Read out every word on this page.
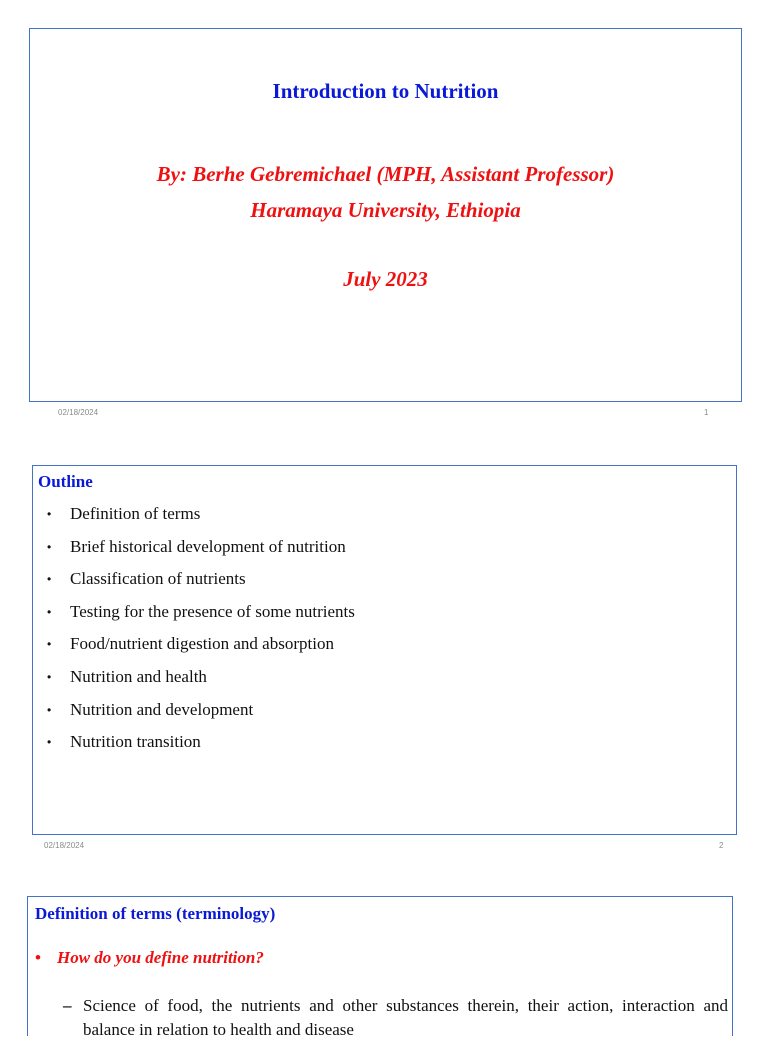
Introduction to Nutrition
By: Berhe Gebremichael (MPH, Assistant Professor)
Haramaya University, Ethiopia
July 2023
02/18/2024	1
Outline
•	Definition of terms
•	Brief historical development of nutrition
•	Classification of nutrients
•	Testing for the presence of some nutrients
•	Food/nutrient digestion and absorption
•	Nutrition and health
•	Nutrition and development
•	Nutrition transition
02/18/2024	2
Definition of terms (terminology)
• How do you define nutrition?
– Science of food, the nutrients and other substances therein, their action, interaction and balance in relation to health and disease
